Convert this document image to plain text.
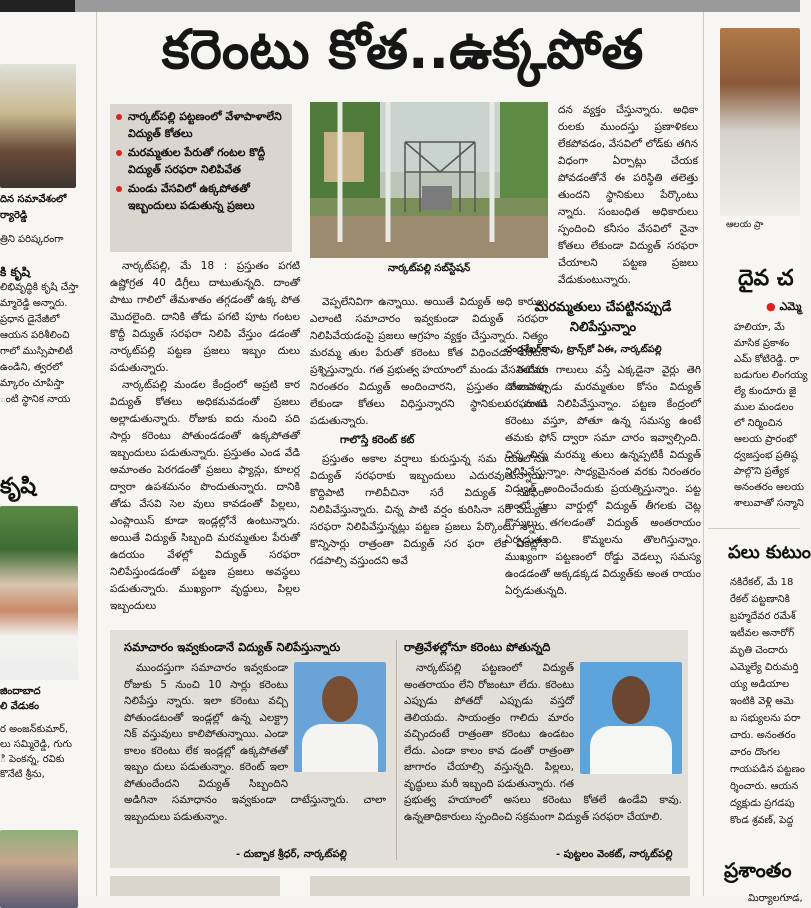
దిన సమావేశంలో
ర్యారెడ్డి
త్రిని పరిష్కరంగా
కి కృషి
లిభివృద్ధికి కృషి చేస్తా
మ్మారెడ్డి అన్నారు.
ప్రధాన డైనేజీలో
ఆయన పరిశీలించి
గాలో ముస్సిపాలిటీ
ఉండిని, త్వరలో
మ్కారం చూపిస్తా
ంటి స్థానిక నాయ
కృషి
జిందాబాద
లి వేడుకం
ర అంజన్‌కుమార్,
లు సమ్మిరెడ్డి, గుగు
ి పెంకన్న, రవికు
కొనేటి శ్రీను,
ఆలయ ప్రా
దైవ చ
● ఎమ్మె
హలియా, మే
మాసిక ప్రకాశం
ఎమ్ కోటిరెడ్డి. రా
బడుగుల లింగయ్య
ల్యే కుందూరు జై
ముల మండలం
లో నిర్మించిన
ఆలయ ప్రారంభో
ధ్వజస్తంభ ప్రతిష్ఠ
పాల్గొని ప్రత్యేక
అనంతరం ఆలయ
శాలువాతో సన్మాని
పలు కుటుం
నకిరేకల్, మే 18
రేకల్ పట్టణానికి
బ్రహ్మదేవర రమేశ్
ఇటీవల అనారోగ్
మృతి చెందారు
ఎమ్మెల్యే చిరుమర్తి
య్య అడియాల
ఇంటికి వెళ్లి ఆమె
బ సభ్యులను పరా
చారు. అనంతరం
వారం దొంగల
గాయపడిన పట్టణం
ర్శించారు. ఆయన
ద్యక్షుడు ప్రగడపు
కొండ శ్రవణ్, పెద్ద
ప్రశాంతం
మిర్యాలగూడ,
కరెంటు కోత..ఉక్కపోత
నార్కట్‌పల్లి పట్టణంలో వేళాపాళాలేని విద్యుత్ కోతలు
మరమ్మతుల పేరుతో గంటల కొద్దీ విద్యుత్ సరఫరా నిలిపివేత
మండు వేసవిలో ఉక్కపోతతో ఇబ్బందులు పడుతున్న ప్రజలు
నార్కట్‌పల్లి సబ్‌స్టేషన్

నార్కట్‌పల్లి, మే 18 : ప్రస్తుతం పగటి ఉష్ణోగ్రత 40 డిగ్రీలు దాటుతున్నది. దాంతో పాటు గాలిలో తేమశాతం తగ్గడంతో ఉక్క పోత మొదలైంది. దానికి తోడు పగటి పూట గంటల కొద్దీ విద్యుత్ సరఫరా నిలిపి వేస్తుం డడంతో నార్కట్‌పల్లి పట్టణ ప్రజలు ఇబ్బం దులు పడుతున్నారు.

నార్కట్‌పల్లి మండల కేంద్రంలో అప్రటి కార విద్యుత్ కోతలు అధికమవడంతో ప్రజలు అల్లాడుతున్నారు. రోజుకు ఐదు నుంచి పది సార్లు కరెంటు పోతుండడంతో ఉక్కపోతతో ఇబ్బందులు పడుతున్నారు. ప్రస్తుతం ఎండ వేడి అమాంతం పెరగడంతో ప్రజలు ఫ్యాన్లు, కూలర్ల ద్వారా ఉపశమనం పొందుతున్నారు. దానికి తోడు వేసవి సెల వులు కావడంతో పిల్లలు, ఎంప్లాయిస్ కూడా ఇండ్లల్లోనే ఉంటున్నారు. అయితే విద్యుత్ సిబ్బంది మరమ్మతుల పేరుతో ఉదయం వేళల్లో విద్యుత్ సరఫరా నిలిపేస్తుండడంతో పట్టణ ప్రజలు అవస్థలు పడుతున్నారు. ముఖ్యంగా వృద్ధులు, పిల్లల ఇబ్బందులు

వెప్పలేనివిగా ఉన్నాయి. అయితే విద్యుత్ అధి కారులు ఎలాంటి సమాచారం ఇవ్వకుండా విద్యుత్ సరఫరా నిలిపివేయడంపై ప్రజలు ఆగ్రహం వ్యక్తం చేస్తున్నారు. నిత్యం మరమ్మ తుల పేరుతో కరెంటు కోత విధించడం ఏంటని ప్రశ్నిస్తున్నారు. గత ప్రభుత్వ హయాంలో మండు వేసవిలోనూ నిరంతరం విద్యుత్ అందించారని, ప్రస్తుతం వేళాపాళా లేకుండా కోతలు విధిస్తున్నారని స్థానికులు మండి పడుతున్నారు.

గాలొస్తే కరెంట్ కట్

ప్రస్తుతం అకాల వర్షాలు కురుస్తున్న సమ యంలోనూ విద్యుత్ సరఫరాకు ఇబ్బందులు ఎదురవుతున్నాయి. కొద్దిపాటి గాలివీచినా సరే విద్యుత్ సరఫరా నిలిపివేస్తున్నారు. చిన్న పాటి వర్షం కురిసినా సరే విద్యుత్ సరఫరా నిలిపివేస్తున్నట్లు పట్టణ ప్రజలు పేర్కొంటు న్నారు. కొన్నిసార్లు రాత్రంతా విద్యుత్ సర ఫరా లేక చీకట్లోనే గడపాల్సి వస్తుందని అవే

దన వ్యక్తం చేస్తున్నారు. అధికా రులకు ముందస్తు ప్రణాళికలు లేకపోవడం, వేసవిలో లోడ్‌కు తగిన విధంగా ఏర్పాట్లు చేయక పోవడంతోనే ఈ పరిస్థితి తలెత్తు తుందని స్థానికులు పేర్కొంటు న్నారు. సంబంధిత అధికారులు స్పందించి కనీసం వేసవిలో నైనా కోతలు లేకుండా విద్యుత్ సరఫరా చేయాలని పట్టణ ప్రజలు వేడుకుంటున్నారు.

మరమ్మతులు చేపట్టినప్పుడే నిలిపేస్తున్నాం
చంద్రశేఖర్‌రావు, ట్రాన్స్‌కో ఏఈ, నార్కట్‌పల్లి

ఈదురు గాలులు వస్తే ఎక్కడైనా వైర్లు తెగి పోయినప్పుడు మరమ్మతుల కోసం విద్యుత్ సరఫరాను నిలిపివేస్తున్నాం. పట్టణ కేంద్రంలో కరెంటు వస్తూ, పోతూ ఉన్న సమస్య ఉంటే తమకు ఫోన్ ద్వారా సమా చారం ఇవ్వాల్సింది. చిన్న చిన్న మరమ్మ తులు ఉన్నప్పటికీ విద్యుత్ నిలిపివేస్తున్నాం. సాధ్యమైనంత వరకు నిరంతరం విద్యుత్ అందించేందుకు ప్రయత్నిస్తున్నాం. పట్ట ణంలో పలు వార్డుల్లో విద్యుత్ తీగలకు చెట్ల కొమ్మలు తగలడంతో విద్యుత్ అంతరాయం ఏర్పడుతుంది. కొమ్మలను తొలగిస్తున్నాం. ముఖ్యంగా పట్టణంలో రోడ్డు వెడల్పు సమస్య ఉండడంతో అక్కడక్కడ విద్యుత్‌కు అంత రాయం ఏర్పడుతున్నది.

సమాచారం ఇవ్వకుండానే విద్యుత్ నిలిపేస్తున్నారు

ముందస్తుగా సమాచారం ఇవ్వకుండా రోజుకు 5 నుంచి 10 సార్లు కరెంటు నిలిపేస్తు న్నారు. ఇలా కరెంటు వచ్చి పోతుండటంతో ఇండ్లల్లో ఉన్న ఎలక్ట్రా నిక్ వస్తువులు కాలిపోతున్నాయి. ఎండా కాలం కరెంటు లేక ఇండ్లల్లో ఉక్కపోతతో ఇబ్బం దులు పడుతున్నాం. కరెంట్ ఇలా పోతుందేందని విద్యుత్ సిబ్బందిని అడిగినా సమాధానం ఇవ్వకుండా దాటేస్తున్నారు. చాలా ఇబ్బందులు పడుతున్నాం.

- దుబ్బాక శ్రీధర్, నార్కట్‌పల్లి
రాత్రివేళల్లోనూ కరెంటు పోతున్నది

నార్కట్‌పల్లి పట్టణంలో విద్యుత్ అంతరాయం లేని రోజంటూ లేదు. కరెంటు ఎప్పుడు పోతదో ఎప్పుడు వస్తదో తెలియదు. సాయంత్రం గాలిదు మారం వచ్చిందంటే రాత్రంతా కరెంటు ఉండటం లేదు. ఎండా కాలం కావ డంతో రాత్రంతా జాగారం చేయాల్సి వస్తున్నది. పిల్లలు, వృద్ధులు మరీ ఇబ్బంది పడుతున్నారు. గత ప్రభుత్వ హయాంలో అసలు కరెంటు కోతలే ఉండేవి కావు. ఉన్నతాధికారులు స్పందించి సక్రమంగా విద్యుత్ సరఫరా చేయాలి.

- పుట్టలం వెంకట్, నార్కట్‌పల్లి
